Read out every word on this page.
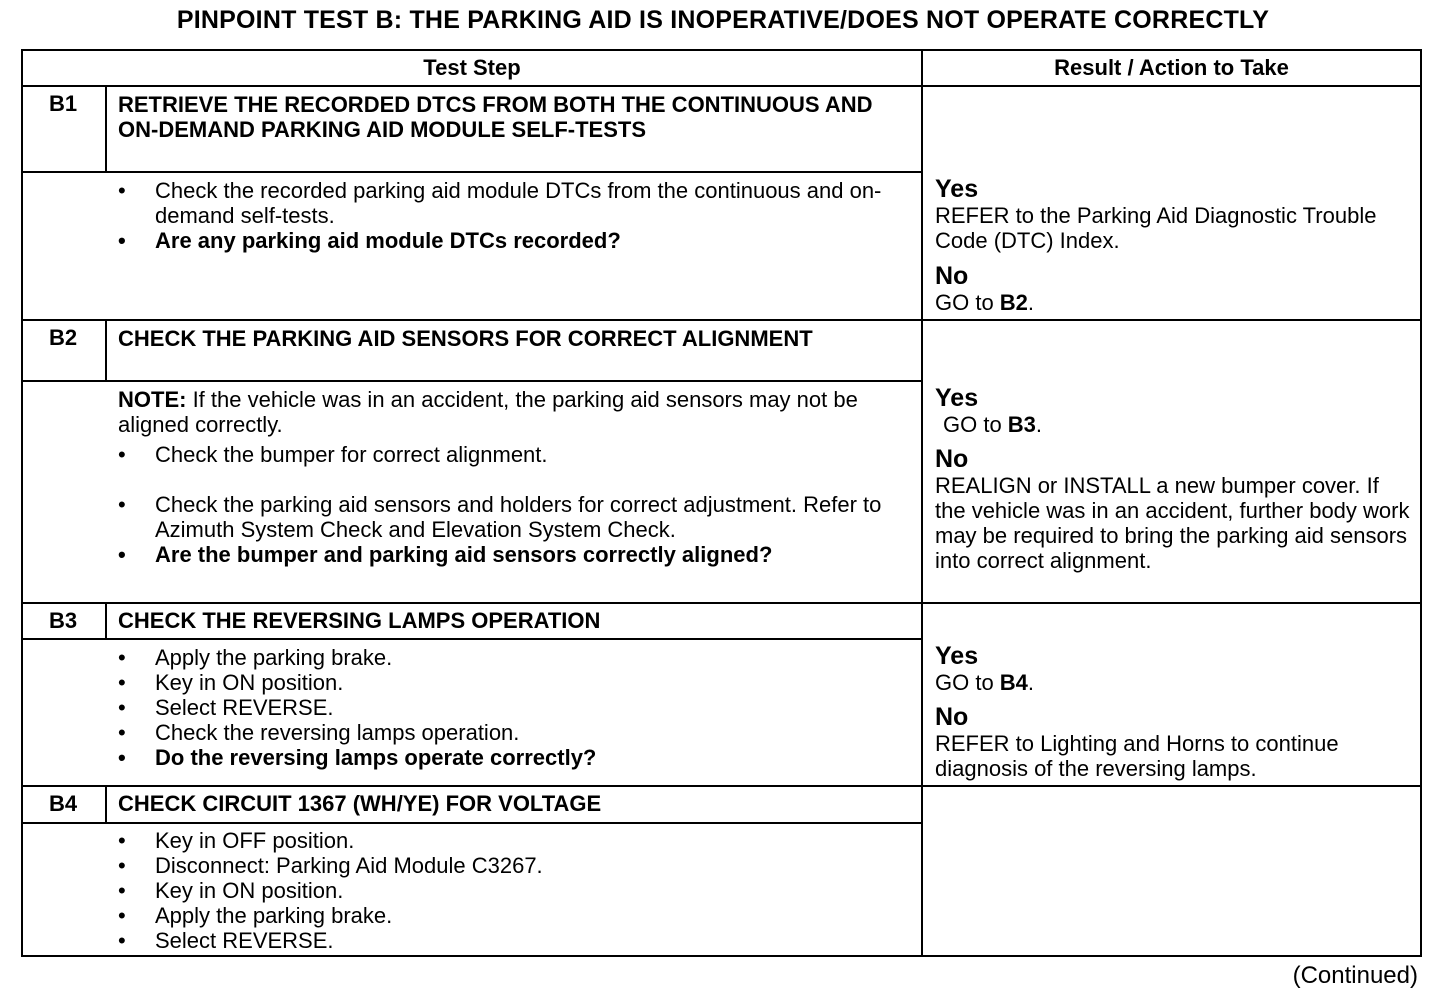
PINPOINT TEST B: THE PARKING AID IS INOPERATIVE/DOES NOT OPERATE CORRECTLY
Test Step	Result / Action to Take
B1	RETRIEVE THE RECORDED DTCS FROM BOTH THE CONTINUOUS AND ON-DEMAND PARKING AID MODULE SELF-TESTS
•	Check the recorded parking aid module DTCs from the continuous and on-demand self-tests.
•	Are any parking aid module DTCs recorded?
Yes
REFER to the Parking Aid Diagnostic Trouble Code (DTC) Index.
No
GO to B2.
B2	CHECK THE PARKING AID SENSORS FOR CORRECT ALIGNMENT
NOTE: If the vehicle was in an accident, the parking aid sensors may not be aligned correctly.
•	Check the bumper for correct alignment.
•	Check the parking aid sensors and holders for correct adjustment. Refer to Azimuth System Check and Elevation System Check.
•	Are the bumper and parking aid sensors correctly aligned?
Yes
GO to B3.
No
REALIGN or INSTALL a new bumper cover. If the vehicle was in an accident, further body work may be required to bring the parking aid sensors into correct alignment.
B3	CHECK THE REVERSING LAMPS OPERATION
•	Apply the parking brake.
•	Key in ON position.
•	Select REVERSE.
•	Check the reversing lamps operation.
•	Do the reversing lamps operate correctly?
Yes
GO to B4.
No
REFER to Lighting and Horns to continue diagnosis of the reversing lamps.
B4	CHECK CIRCUIT 1367 (WH/YE) FOR VOLTAGE
•	Key in OFF position.
•	Disconnect: Parking Aid Module C3267.
•	Key in ON position.
•	Apply the parking brake.
•	Select REVERSE.
(Continued)
